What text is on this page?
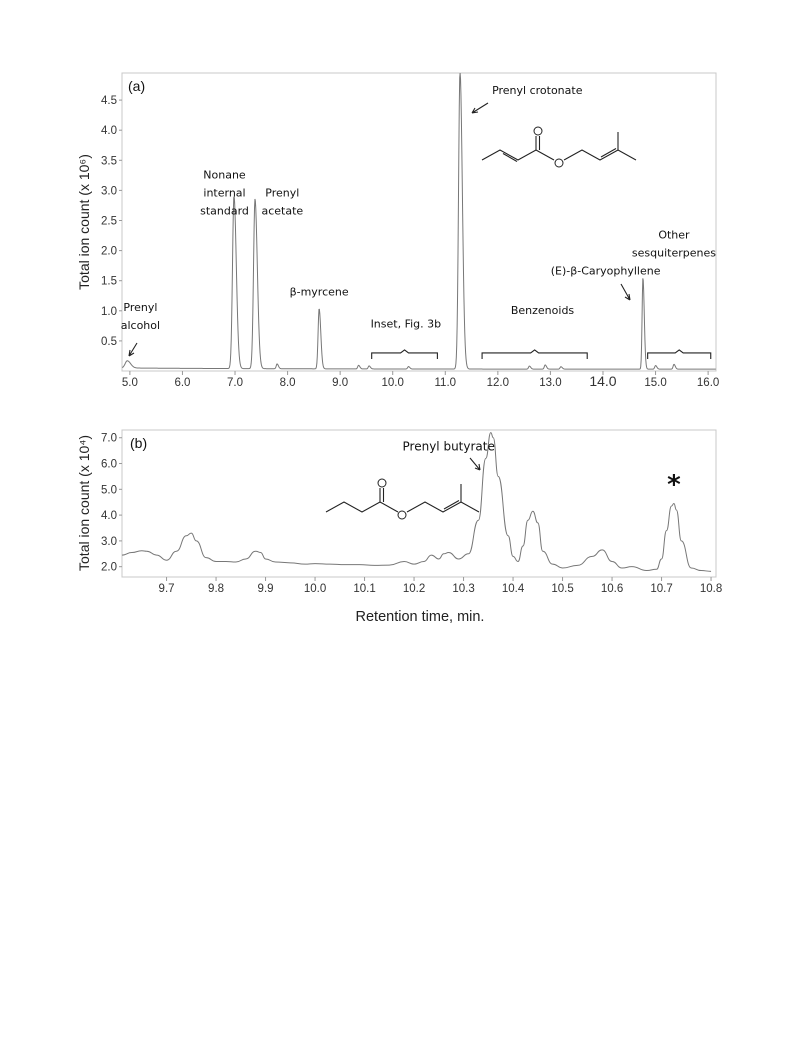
(a)
Total ion count (x 10⁶)
5.0	6.0	7.0	8.0	9.0	10.0	11.0	12.0	13.0 14.0 15.0	16.0
0.5
1.0
1.5
2.0
2.5
3.0
3.5
4.0
4.5
Prenyl
alcohol
Nonane
internal
standard
Prenyl
acetate
β-myrcene
Inset, Fig. 3b
Prenyl crotonate
Benzenoids
(E)-β-Caryophyllene
Other
sesquiterpenes
(b)
Total ion count (x 10⁴)
Retention time, min.
9.7	9.8	9.9	10.0 10.1 10.2 10.3 10.4 10.5 10.6 10.7 10.8
2.0
3.0
4.0
5.0
6.0
7.0
Prenyl butyrate
*
